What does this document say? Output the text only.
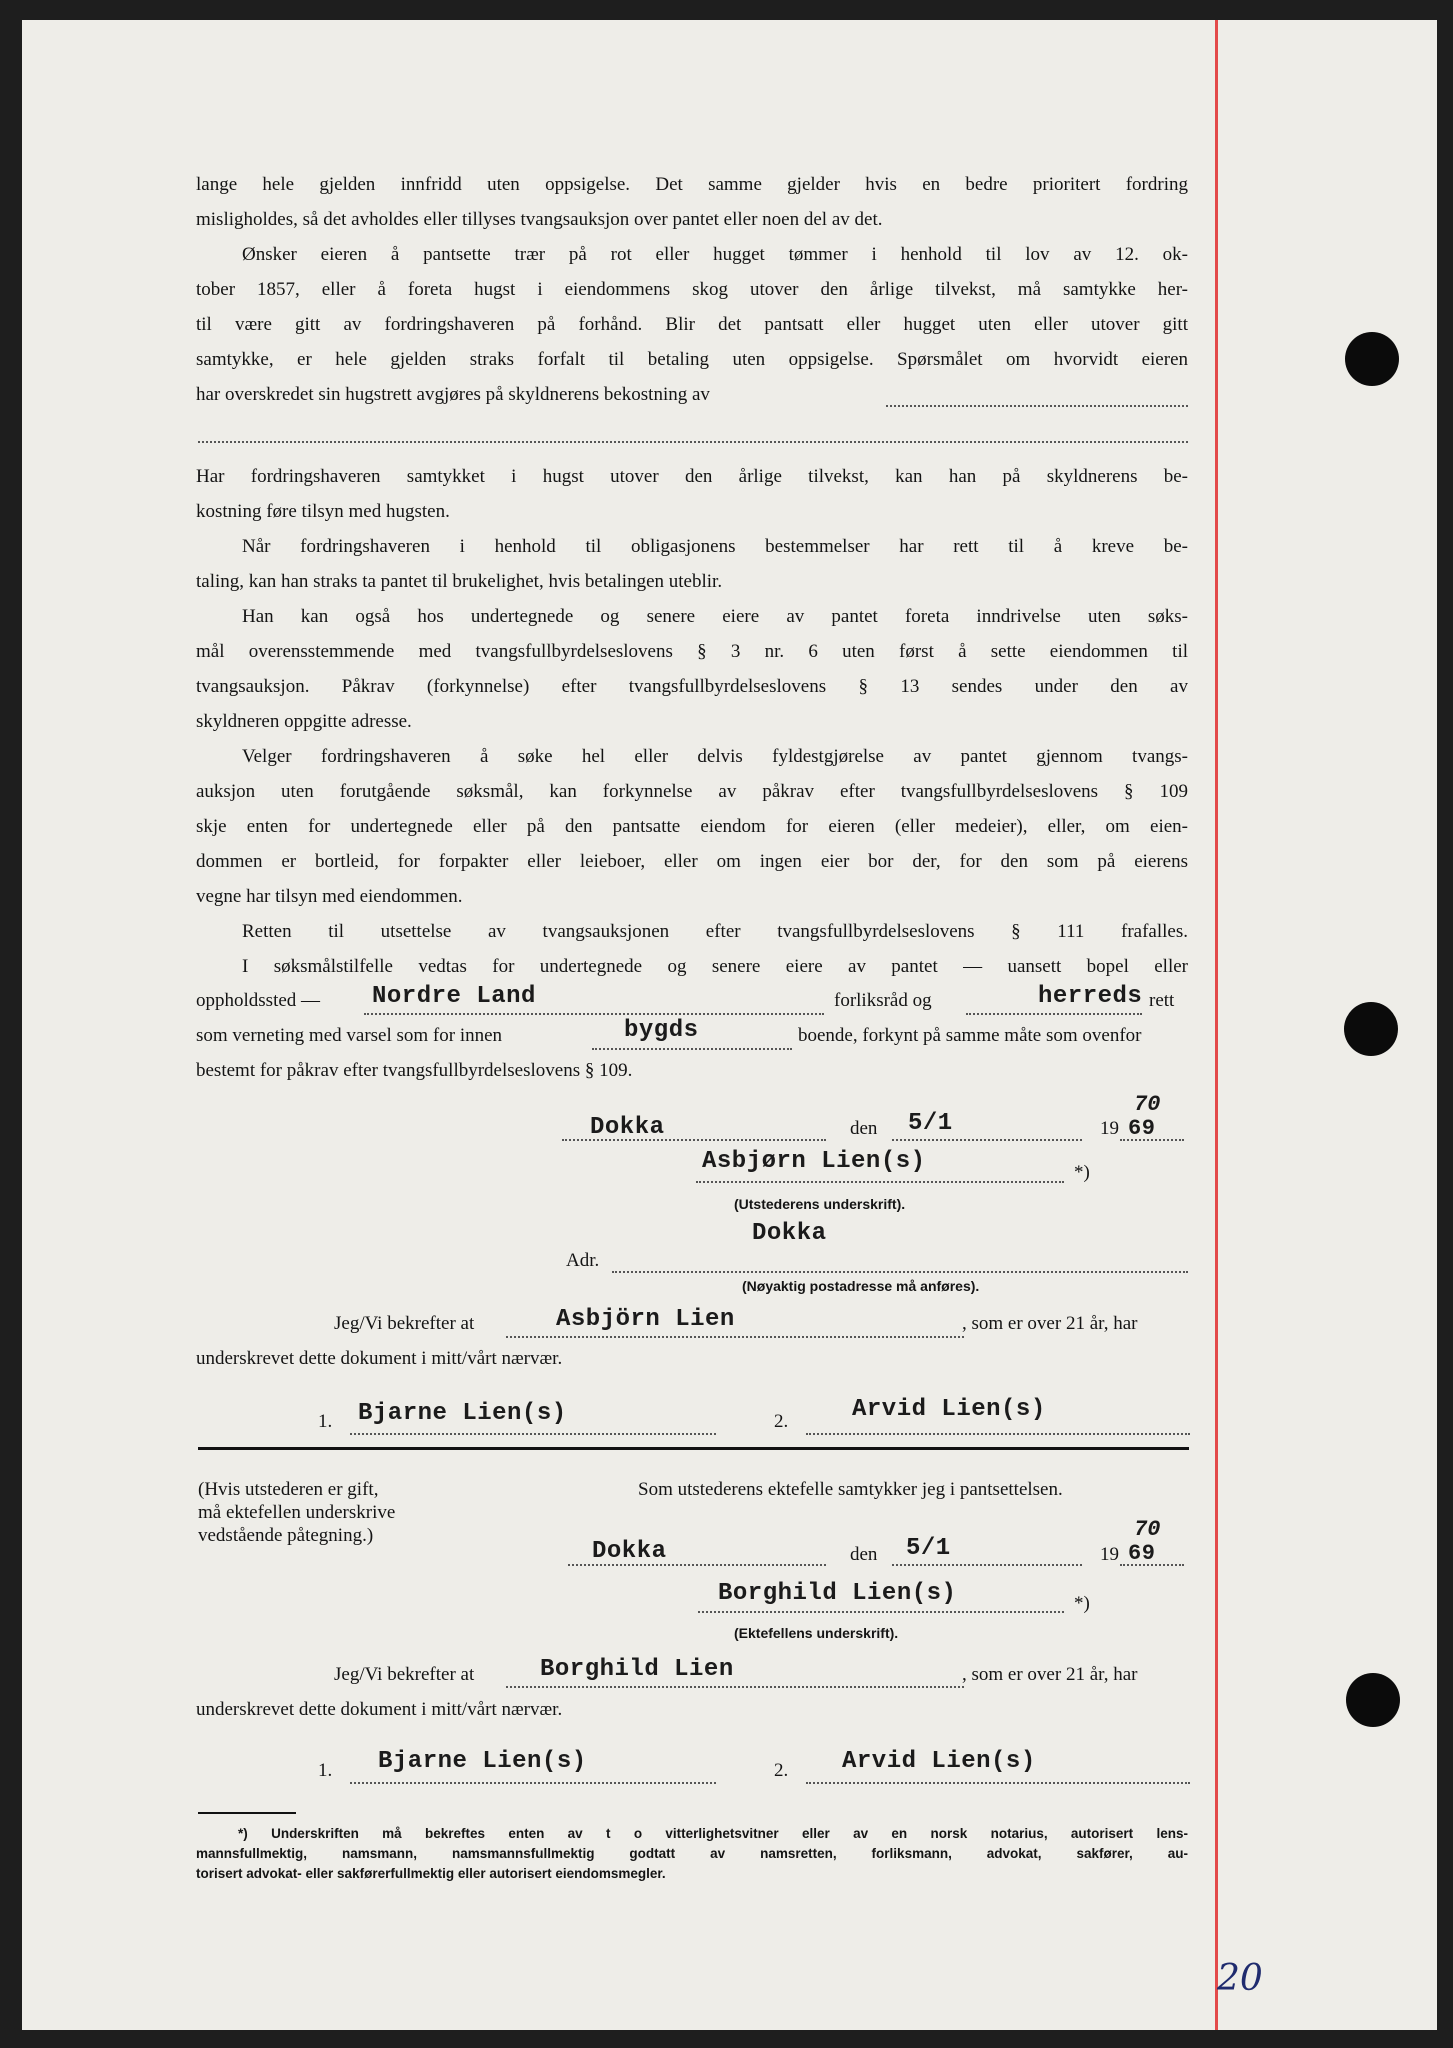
lange hele gjelden innfridd uten oppsigelse. Det samme gjelder hvis en bedre prioritert fordring
misligholdes, så det avholdes eller tillyses tvangsauksjon over pantet eller noen del av det.
Ønsker eieren å pantsette trær på rot eller hugget tømmer i henhold til lov av 12. ok-
tober 1857, eller å foreta hugst i eiendommens skog utover den årlige tilvekst, må samtykke her-
til være gitt av fordringshaveren på forhånd. Blir det pantsatt eller hugget uten eller utover gitt
samtykke, er hele gjelden straks forfalt til betaling uten oppsigelse. Spørsmålet om hvorvidt eieren
har overskredet sin hugstrett avgjøres på skyldnerens bekostning av
Har fordringshaveren samtykket i hugst utover den årlige tilvekst, kan han på skyldnerens be-
kostning føre tilsyn med hugsten.
Når fordringshaveren i henhold til obligasjonens bestemmelser har rett til å kreve be-
taling, kan han straks ta pantet til brukelighet, hvis betalingen uteblir.
Han kan også hos undertegnede og senere eiere av pantet foreta inndrivelse uten søks-
mål overensstemmende med tvangsfullbyrdelseslovens § 3 nr. 6 uten først å sette eiendommen til
tvangsauksjon. Påkrav (forkynnelse) efter tvangsfullbyrdelseslovens § 13 sendes under den av
skyldneren oppgitte adresse.
Velger fordringshaveren å søke hel eller delvis fyldestgjørelse av pantet gjennom tvangs-
auksjon uten forutgående søksmål, kan forkynnelse av påkrav efter tvangsfullbyrdelseslovens § 109
skje enten for undertegnede eller på den pantsatte eiendom for eieren (eller medeier), eller, om eien-
dommen er bortleid, for forpakter eller leieboer, eller om ingen eier bor der, for den som på eierens
vegne har tilsyn med eiendommen.
Retten til utsettelse av tvangsauksjonen efter tvangsfullbyrdelseslovens § 111 frafalles.
I søksmålstilfelle vedtas for undertegnede og senere eiere av pantet — uansett bopel eller
oppholdssted — Nordre Land	forliksråd og	herreds rett
som verneting med varsel som for innen	bygds	boende, forkynt på samme måte som ovenfor
bestemt for påkrav efter tvangsfullbyrdelseslovens § 109.
Dokka	den 5/1	19 69
70
Asbjørn Lien(s)	*)
(Utstederens underskrift).
Adr.
Dokka
(Nøyaktig postadresse må anføres).
Jeg/Vi bekrefter at	Asbjörn Lien	, som er over 21 år, har
underskrevet dette dokument i mitt/vårt nærvær.
1. Bjarne Lien(s)	2.	Arvid Lien(s)
(Hvis utstederen er gift,
må ektefellen underskrive
vedstående påtegning.)
Som utstederens ektefelle samtykker jeg i pantsettelsen.
Dokka	den 5/1	19 69
70
Borghild Lien(s)	*)
(Ektefellens underskrift).
Jeg/Vi bekrefter at	Borghild Lien	, som er over 21 år, har
underskrevet dette dokument i mitt/vårt nærvær.
1. Bjarne Lien(s)	2. Arvid Lien(s)
*) Underskriften må bekreftes enten av t o vitterlighetsvitner eller av en norsk notarius, autorisert lens-
mannsfullmektig, namsmann, namsmannsfullmektig godtatt av namsretten, forliksmann, advokat, sakfører, au-
torisert advokat- eller sakførerfullmektig eller autorisert eiendomsmegler.
20
